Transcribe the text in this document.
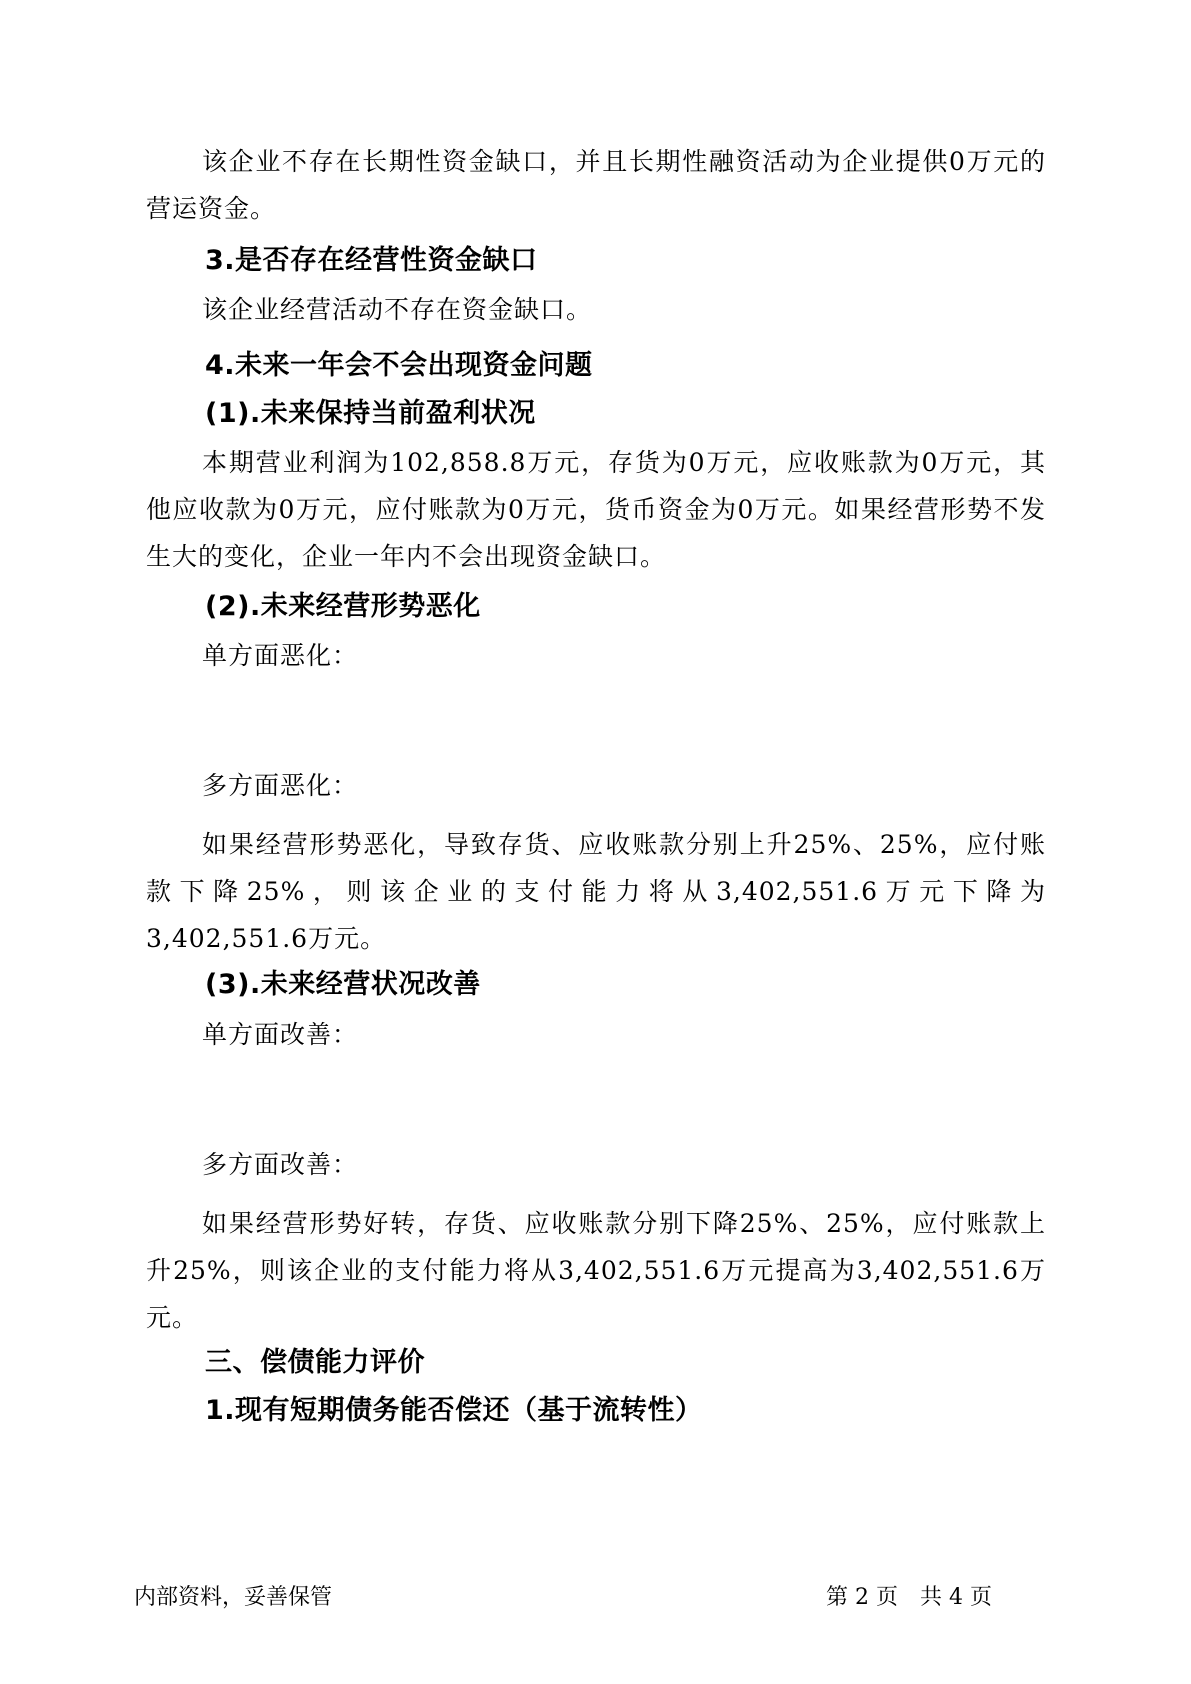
该企业不存在长期性资金缺口，并且长期性融资活动为企业提供0万元的营运资金。

3.是否存在经营性资金缺口

该企业经营活动不存在资金缺口。

4.未来一年会不会出现资金问题
(1).未来保持当前盈利状况

本期营业利润为102,858.8万元，存货为0万元，应收账款为0万元，其他应收款为0万元，应付账款为0万元，货币资金为0万元。如果经营形势不发生大的变化，企业一年内不会出现资金缺口。

(2).未来经营形势恶化

单方面恶化：

多方面恶化：

如果经营形势恶化，导致存货、应收账款分别上升25%、25%，应付账款下降25%，则该企业的支付能力将从3,402,551.6万元下降为3,402,551.6万元。

(3).未来经营状况改善

单方面改善：

多方面改善：

如果经营形势好转，存货、应收账款分别下降25%、25%，应付账款上升25%，则该企业的支付能力将从3,402,551.6万元提高为3,402,551.6万元。

三、偿债能力评价
1.现有短期债务能否偿还（基于流转性）
内部资料，妥善保管	第 2 页　共 4 页
